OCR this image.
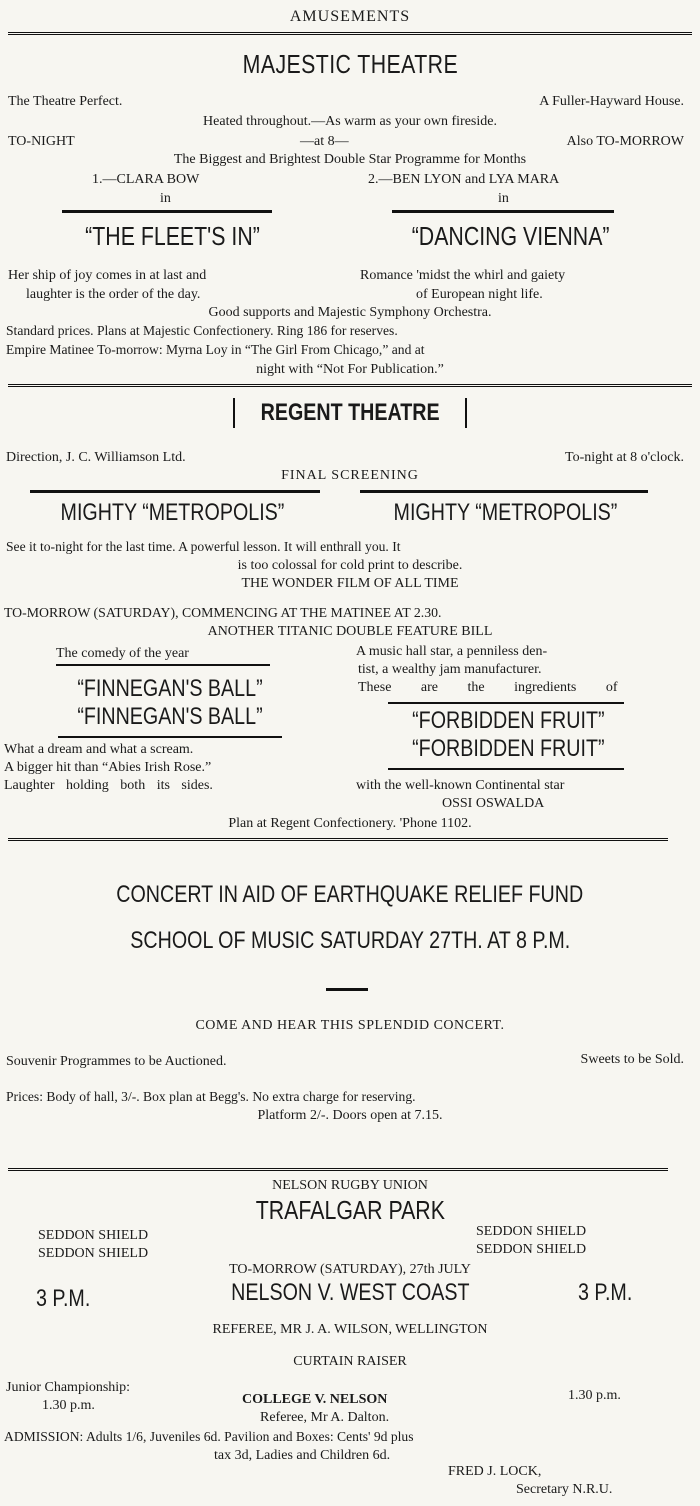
AMUSEMENTS
MAJESTIC THEATRE
The Theatre Perfect.	A Fuller-Hayward House.
Heated throughout.—As warm as your own fireside.
TO-NIGHT	—at 8—	Also TO-MORROW
The Biggest and Brightest Double Star Programme for Months
1.—CLARA BOW	2.—BEN LYON and LYA MARA
in	in
“THE FLEET'S IN”	“DANCING VIENNA”
Her ship of joy comes in at last and
laughter is the order of the day.
Romance 'midst the whirl and gaiety
of European night life.
Good supports and Majestic Symphony Orchestra.
Standard prices. Plans at Majestic Confectionery. Ring 186 for reserves.
Empire Matinee To-morrow: Myrna Loy in “The Girl From Chicago,” and at
night with “Not For Publication.”
REGENT THEATRE
Direction, J. C. Williamson Ltd.	To-night at 8 o'clock.
FINAL SCREENING
MIGHTY “METROPOLIS”	MIGHTY “METROPOLIS”
See it to-night for the last time. A powerful lesson. It will enthrall you. It
is too colossal for cold print to describe.
THE WONDER FILM OF ALL TIME
TO-MORROW (SATURDAY), COMMENCING AT THE MATINEE AT 2.30.
ANOTHER TITANIC DOUBLE FEATURE BILL
The comedy of the year	A music hall star, a penniless den-
tist, a wealthy jam manufacturer.
These are the ingredients of
“FINNEGAN'S BALL”
“FINNEGAN'S BALL”	“FORBIDDEN FRUIT”
“FORBIDDEN FRUIT”
What a dream and what a scream.
A bigger hit than “Abies Irish Rose.”
Laughter holding both its sides.	with the well-known Continental star
OSSI OSWALDA
Plan at Regent Confectionery. 'Phone 1102.
CONCERT IN AID OF EARTHQUAKE RELIEF FUND
SCHOOL OF MUSIC SATURDAY 27TH. AT 8 P.M.
COME AND HEAR THIS SPLENDID CONCERT.
Souvenir Programmes to be Auctioned.	Sweets to be Sold.
Prices: Body of hall, 3/-. Box plan at Begg's. No extra charge for reserving.
Platform 2/-. Doors open at 7.15.
NELSON RUGBY UNION
TRAFALGAR PARK
SEDDON SHIELD
SEDDON SHIELD
SEDDON SHIELD
SEDDON SHIELD
TO-MORROW (SATURDAY), 27th JULY
3 P.M.	NELSON V. WEST COAST	3 P.M.
REFEREE, MR J. A. WILSON, WELLINGTON
CURTAIN RAISER
Junior Championship:
1.30 p.m.	COLLEGE V. NELSON	1.30 p.m.
Referee, Mr A. Dalton.
ADMISSION: Adults 1/6, Juveniles 6d. Pavilion and Boxes: Cents' 9d plus
tax 3d, Ladies and Children 6d.
FRED J. LOCK,
Secretary N.R.U.
